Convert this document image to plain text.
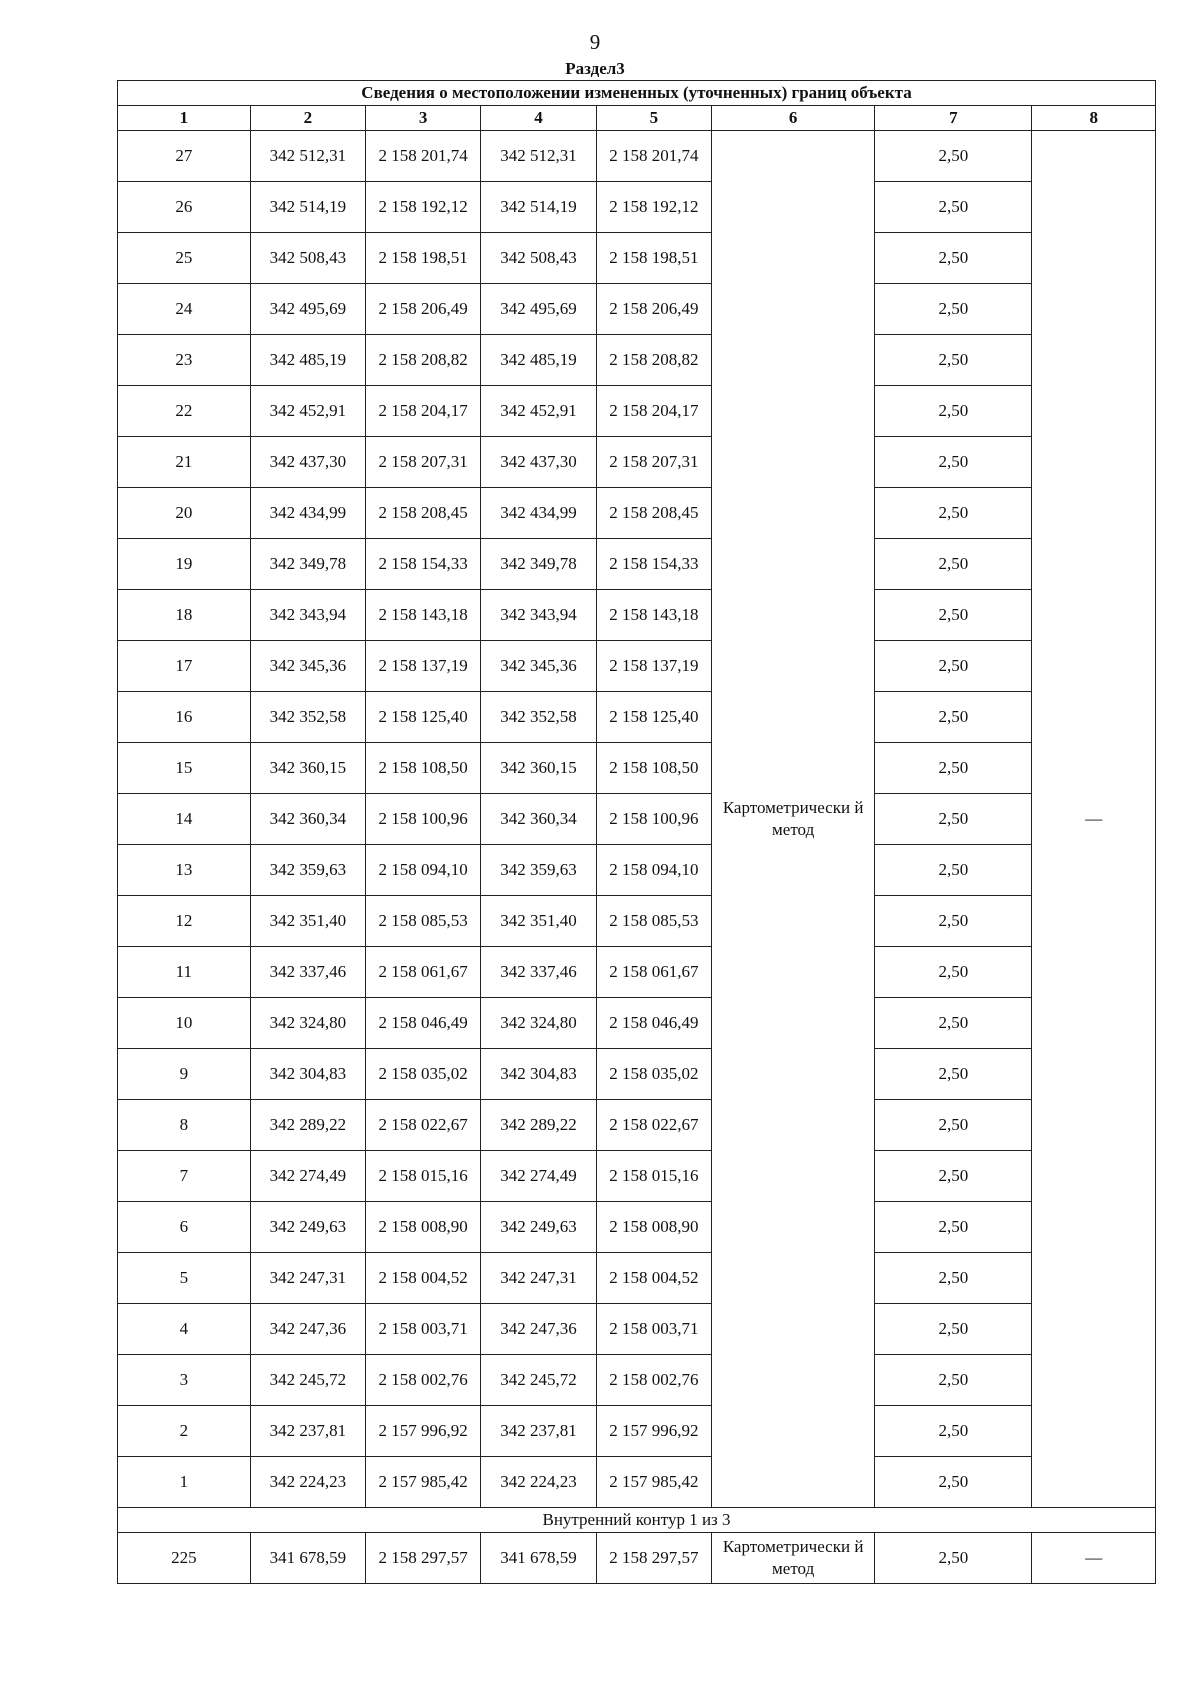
9
Раздел3
Сведения о местоположении измененных (уточненных) границ объекта							
1	2	3	4	5	6	7	8
27	342 512,31	2 158 201,74	342 512,31	2 158 201,74	Картометрически й метод	2,50	—
26	342 514,19	2 158 192,12	342 514,19	2 158 192,12		2,50	
25	342 508,43	2 158 198,51	342 508,43	2 158 198,51		2,50	
24	342 495,69	2 158 206,49	342 495,69	2 158 206,49		2,50	
23	342 485,19	2 158 208,82	342 485,19	2 158 208,82		2,50	
22	342 452,91	2 158 204,17	342 452,91	2 158 204,17		2,50	
21	342 437,30	2 158 207,31	342 437,30	2 158 207,31		2,50	
20	342 434,99	2 158 208,45	342 434,99	2 158 208,45		2,50	
19	342 349,78	2 158 154,33	342 349,78	2 158 154,33		2,50	
18	342 343,94	2 158 143,18	342 343,94	2 158 143,18		2,50	
17	342 345,36	2 158 137,19	342 345,36	2 158 137,19		2,50	
16	342 352,58	2 158 125,40	342 352,58	2 158 125,40		2,50	
15	342 360,15	2 158 108,50	342 360,15	2 158 108,50		2,50	
14	342 360,34	2 158 100,96	342 360,34	2 158 100,96		2,50	
13	342 359,63	2 158 094,10	342 359,63	2 158 094,10		2,50	
12	342 351,40	2 158 085,53	342 351,40	2 158 085,53		2,50	
11	342 337,46	2 158 061,67	342 337,46	2 158 061,67		2,50	
10	342 324,80	2 158 046,49	342 324,80	2 158 046,49		2,50	
9	342 304,83	2 158 035,02	342 304,83	2 158 035,02		2,50	
8	342 289,22	2 158 022,67	342 289,22	2 158 022,67		2,50	
7	342 274,49	2 158 015,16	342 274,49	2 158 015,16		2,50	
6	342 249,63	2 158 008,90	342 249,63	2 158 008,90		2,50	
5	342 247,31	2 158 004,52	342 247,31	2 158 004,52		2,50	
4	342 247,36	2 158 003,71	342 247,36	2 158 003,71		2,50	
3	342 245,72	2 158 002,76	342 245,72	2 158 002,76		2,50	
2	342 237,81	2 157 996,92	342 237,81	2 157 996,92		2,50	
1	342 224,23	2 157 985,42	342 224,23	2 157 985,42		2,50	
Внутренний контур 1 из 3							
225	341 678,59	2 158 297,57	341 678,59	2 158 297,57	Картометрически й метод	2,50	—
